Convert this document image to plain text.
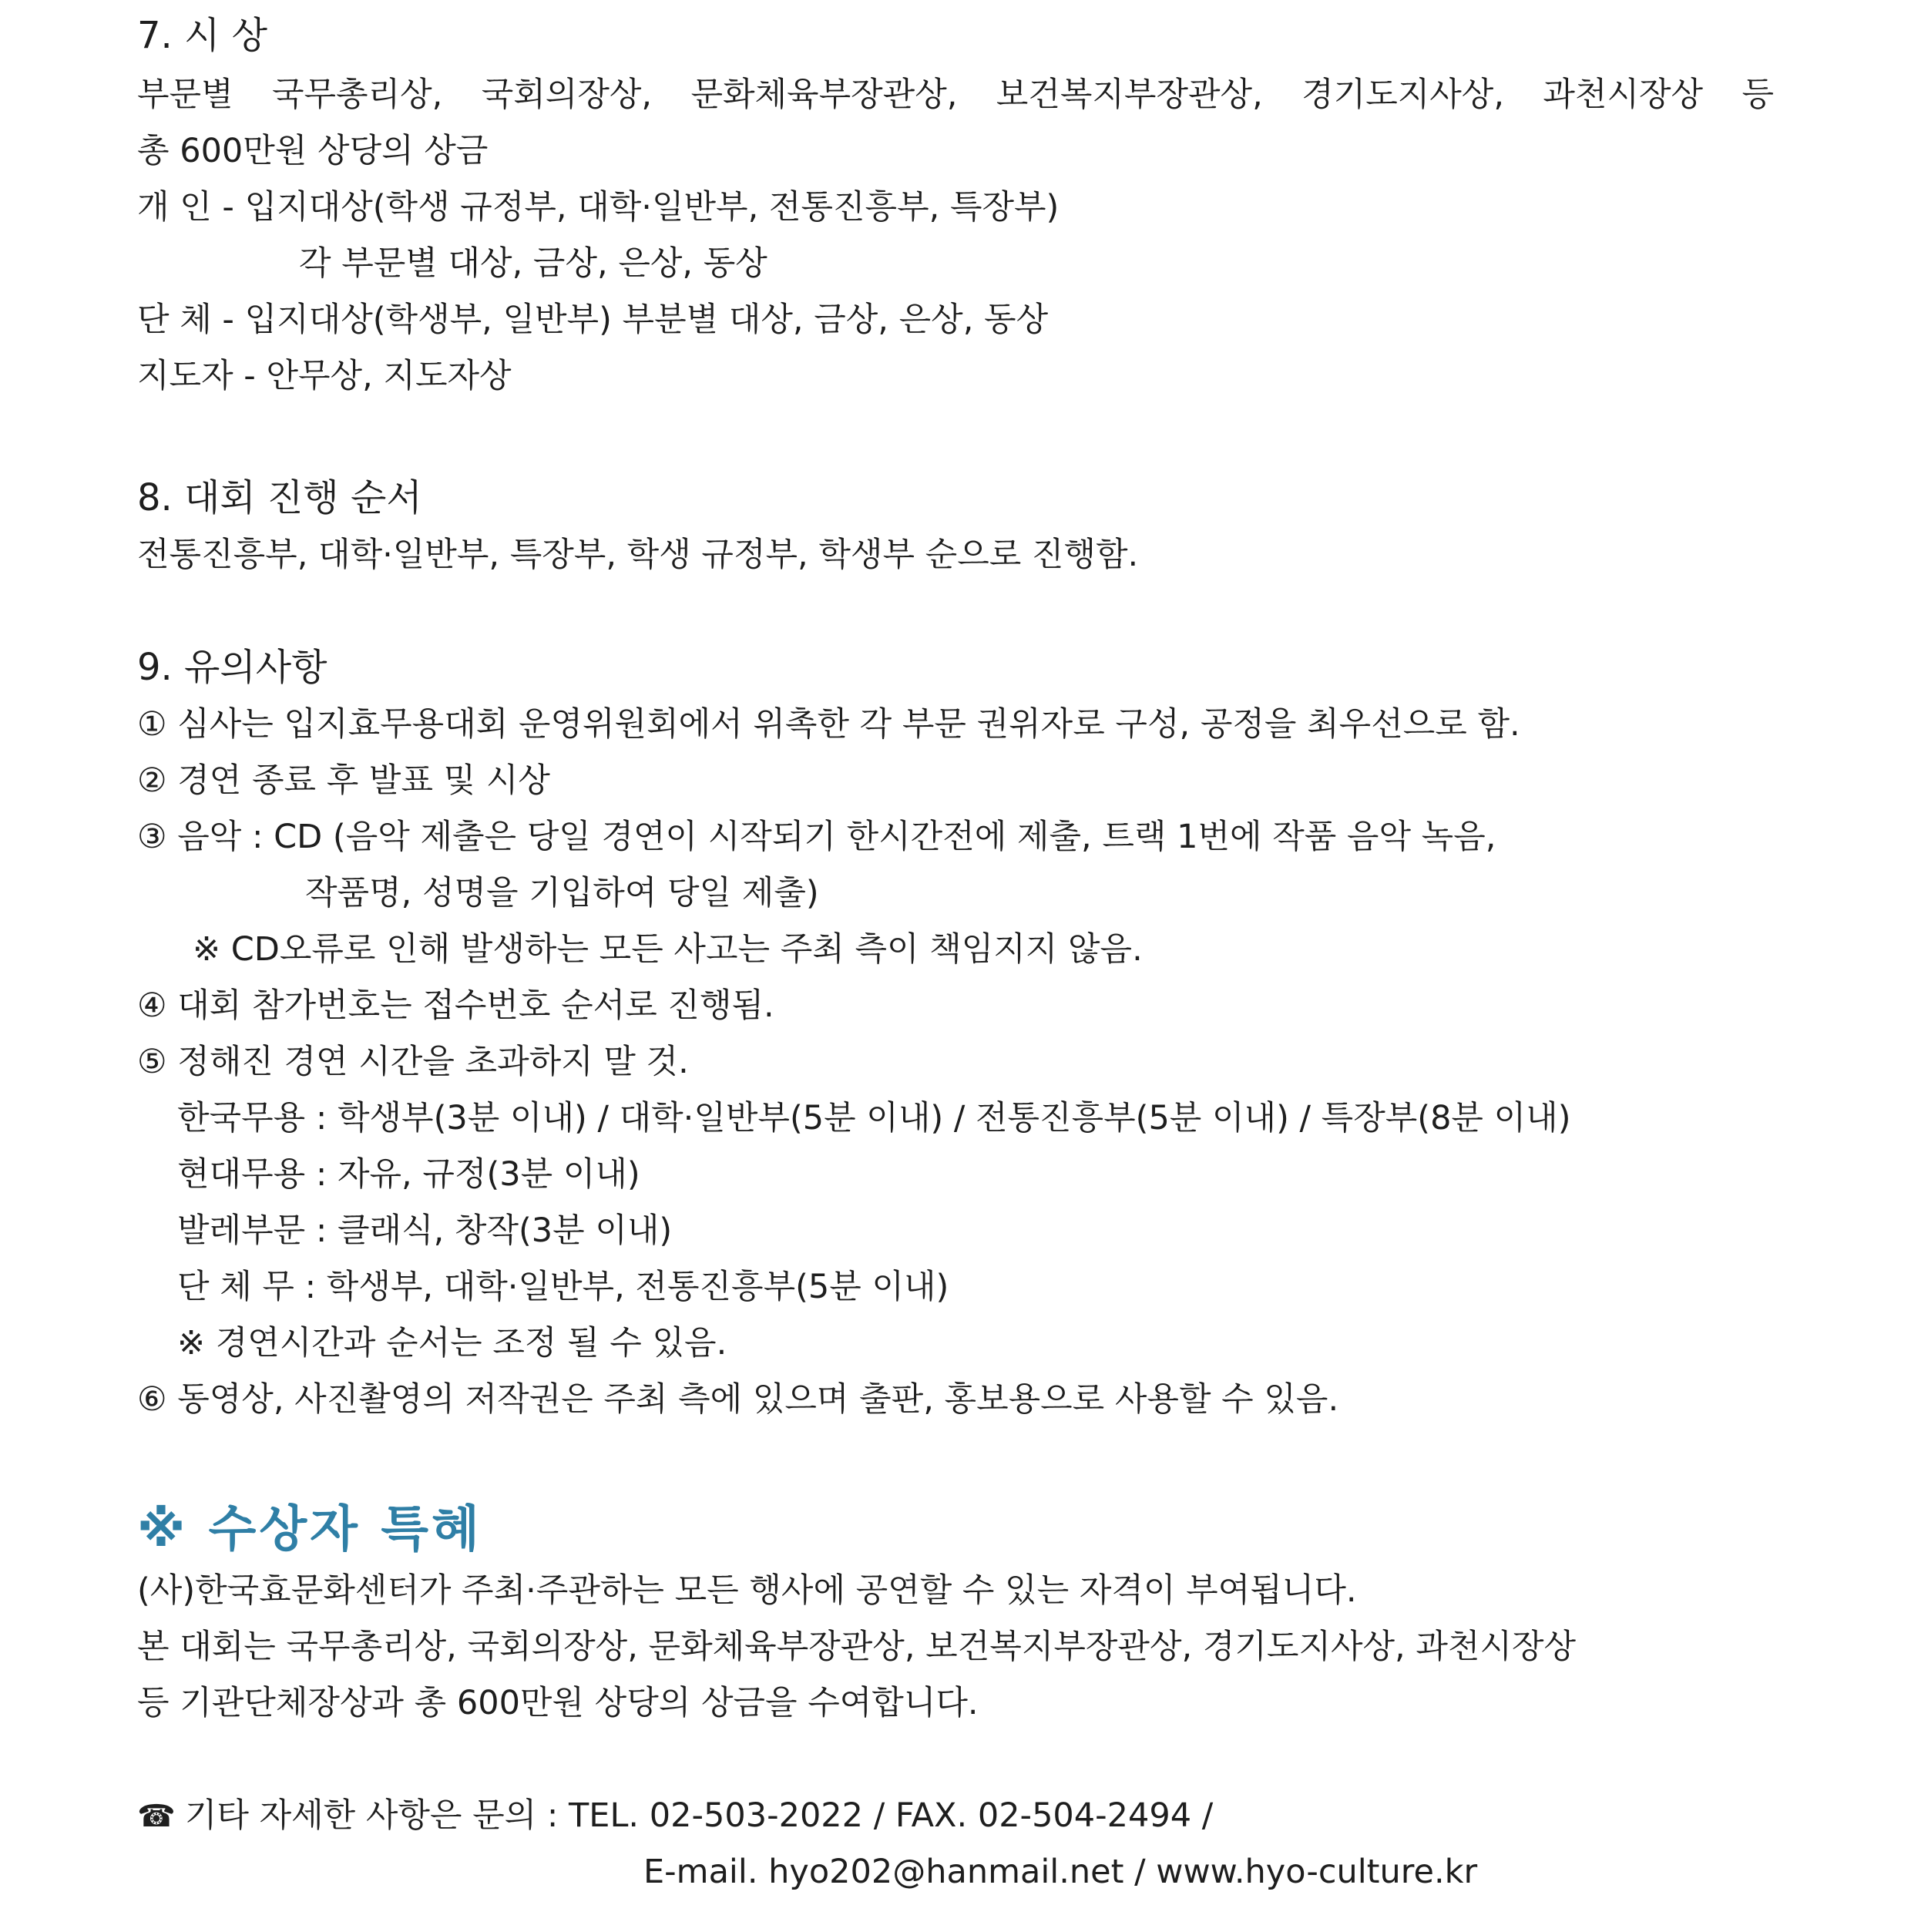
7. 시 상
부문별 국무총리상, 국회의장상, 문화체육부장관상, 보건복지부장관상, 경기도지사상, 과천시장상 등
총 600만원 상당의 상금
개 인 - 입지대상(학생 규정부, 대학·일반부, 전통진흥부, 특장부)
각 부문별 대상, 금상, 은상, 동상
단 체 - 입지대상(학생부, 일반부) 부분별 대상, 금상, 은상, 동상
지도자 - 안무상, 지도자상
8. 대회 진행 순서
전통진흥부, 대학·일반부, 특장부, 학생 규정부, 학생부 순으로 진행함.
9. 유의사항
① 심사는 입지효무용대회 운영위원회에서 위촉한 각 부문 권위자로 구성, 공정을 최우선으로 함.
② 경연 종료 후 발표 및 시상
③ 음악 : CD (음악 제출은 당일 경연이 시작되기 한시간전에 제출, 트랙 1번에 작품 음악 녹음,
작품명, 성명을 기입하여 당일 제출)
※ CD오류로 인해 발생하는 모든 사고는 주최 측이 책임지지 않음.
④ 대회 참가번호는 접수번호 순서로 진행됨.
⑤ 정해진 경연 시간을 초과하지 말 것.
한국무용 : 학생부(3분 이내) / 대학·일반부(5분 이내) / 전통진흥부(5분 이내) / 특장부(8분 이내)
현대무용 : 자유, 규정(3분 이내)
발레부문 : 클래식, 창작(3분 이내)
단 체 무 : 학생부, 대학·일반부, 전통진흥부(5분 이내)
※ 경연시간과 순서는 조정 될 수 있음.
⑥ 동영상, 사진촬영의 저작권은 주최 측에 있으며 출판, 홍보용으로 사용할 수 있음.
※ 수상자 특혜
(사)한국효문화센터가 주최·주관하는 모든 행사에 공연할 수 있는 자격이 부여됩니다.
본 대회는 국무총리상, 국회의장상, 문화체육부장관상, 보건복지부장관상, 경기도지사상, 과천시장상
등 기관단체장상과 총 600만원 상당의 상금을 수여합니다.
☎ 기타 자세한 사항은 문의 : TEL. 02-503-2022 / FAX. 02-504-2494 /
E-mail. hyo202@hanmail.net / www.hyo-culture.kr
